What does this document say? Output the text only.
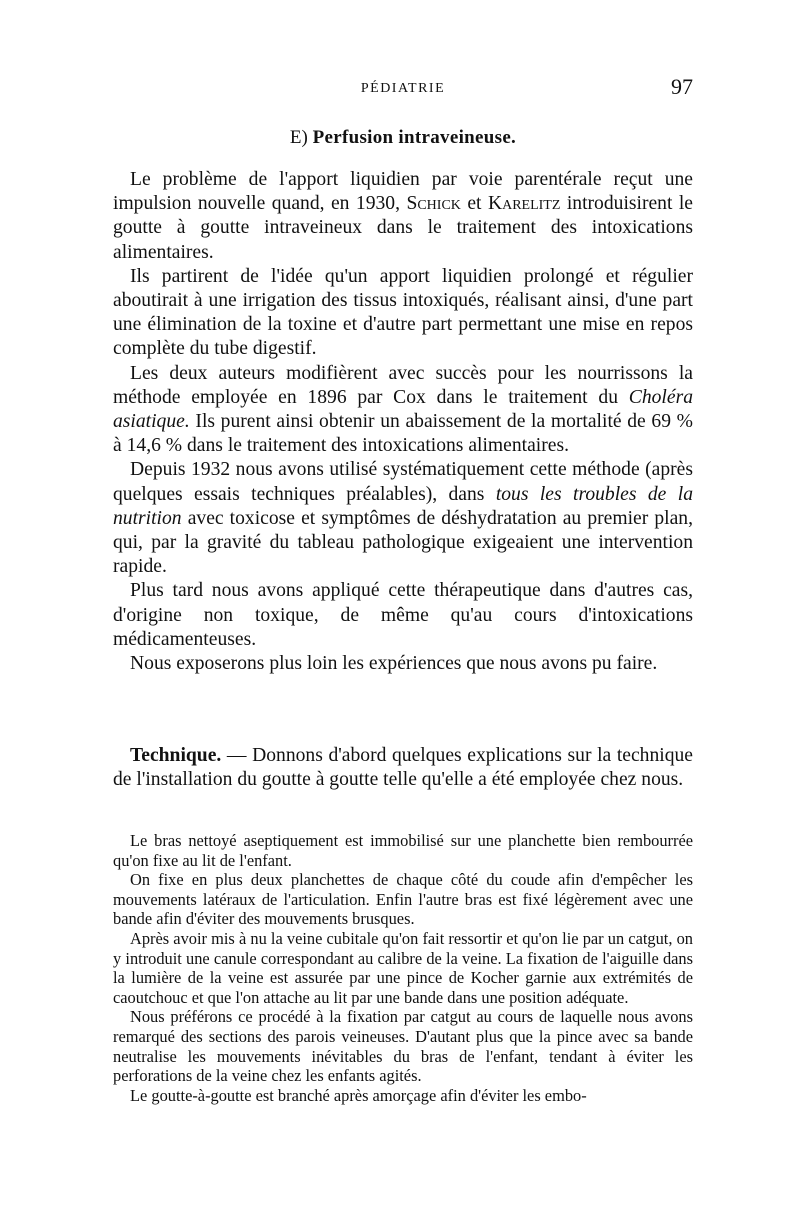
PÉDIATRIE	97
E) Perfusion intraveineuse.

Le problème de l'apport liquidien par voie parentérale reçut une impulsion nouvelle quand, en 1930, Schick et Karelitz introduisirent le goutte à goutte intraveineux dans le traitement des intoxications alimentaires.

Ils partirent de l'idée qu'un apport liquidien prolongé et régulier aboutirait à une irrigation des tissus intoxiqués, réalisant ainsi, d'une part une élimination de la toxine et d'autre part permettant une mise en repos complète du tube digestif.

Les deux auteurs modifièrent avec succès pour les nourrissons la méthode employée en 1896 par Cox dans le traitement du Choléra asiatique. Ils purent ainsi obtenir un abaissement de la mortalité de 69 % à 14,6 % dans le traitement des intoxications alimentaires.

Depuis 1932 nous avons utilisé systématiquement cette méthode (après quelques essais techniques préalables), dans tous les troubles de la nutrition avec toxicose et symptômes de déshydratation au premier plan, qui, par la gravité du tableau pathologique exigeaient une intervention rapide.

Plus tard nous avons appliqué cette thérapeutique dans d'autres cas, d'origine non toxique, de même qu'au cours d'intoxications médicamenteuses.

Nous exposerons plus loin les expériences que nous avons pu faire.

Technique. — Donnons d'abord quelques explications sur la technique de l'installation du goutte à goutte telle qu'elle a été employée chez nous.

Le bras nettoyé aseptiquement est immobilisé sur une planchette bien rembourrée qu'on fixe au lit de l'enfant.

On fixe en plus deux planchettes de chaque côté du coude afin d'empêcher les mouvements latéraux de l'articulation. Enfin l'autre bras est fixé légèrement avec une bande afin d'éviter des mouvements brusques.

Après avoir mis à nu la veine cubitale qu'on fait ressortir et qu'on lie par un catgut, on y introduit une canule correspondant au calibre de la veine. La fixation de l'aiguille dans la lumière de la veine est assurée par une pince de Kocher garnie aux extrémités de caoutchouc et que l'on attache au lit par une bande dans une position adéquate.

Nous préférons ce procédé à la fixation par catgut au cours de laquelle nous avons remarqué des sections des parois veineuses. D'autant plus que la pince avec sa bande neutralise les mouvements inévitables du bras de l'enfant, tendant à éviter les perforations de la veine chez les enfants agités.

Le goutte-à-goutte est branché après amorçage afin d'éviter les embo-
